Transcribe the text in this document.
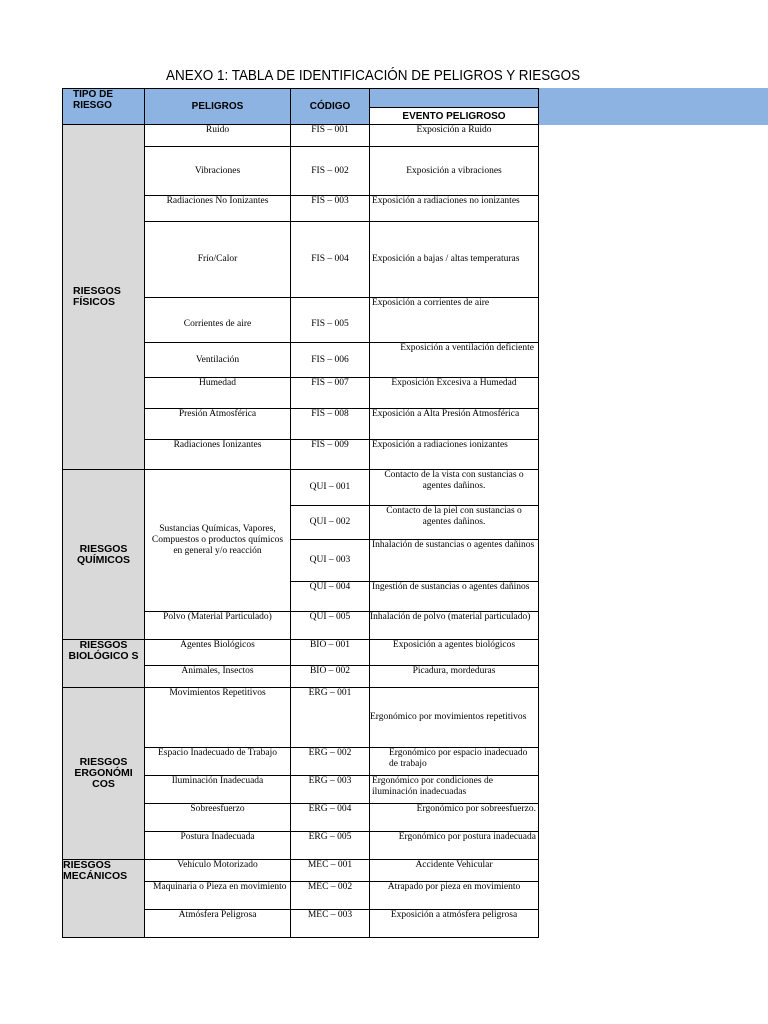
ANEXO 1: TABLA DE IDENTIFICACIÓN DE PELIGROS Y RIESGOS
TIPO DE RIESGO	PELIGROS	CÓDIGO	
			EVENTO PELIGROSO
RIESGOS FÍSICOS	Ruido	FIS – 001	Exposición a Ruido
	Vibraciones	FIS – 002	Exposición a vibraciones
	Radiaciones No Ionizantes	FIS – 003	Exposición a radiaciones no ionizantes
	Frío/Calor	FIS – 004	Exposición a bajas / altas temperaturas
	Corrientes de aire	FIS – 005	Exposición a corrientes de aire
	Ventilación	FIS – 006	Exposición a ventilación deficiente
	Humedad	FIS – 007	Exposición Excesiva a Humedad
	Presión Atmosférica	FIS – 008	Exposición a Alta Presión Atmosférica
	Radiaciones Ionizantes	FIS – 009	Exposición a radiaciones ionizantes
RIESGOS QUÍMICOS	Sustancias Químicas, Vapores, Compuestos o productos químicos en general y/o reacción	QUI – 001	Contacto de la vista con sustancias o agentes dañinos.
		QUI – 002	Contacto de la piel con sustancias o agentes dañinos.
		QUI – 003	Inhalación de sustancias o agentes dañinos
		QUI – 004	Ingestión de sustancias o agentes dañinos
	Polvo (Material Particulado)	QUI – 005	Inhalación de polvo (material particulado)
RIESGOS BIOLÓGICO S	Agentes Biológicos	BIO – 001	Exposición a agentes biológicos
	Animales, Insectos	BIO – 002	Picadura, mordeduras
RIESGOS ERGONÓMI COS	Movimientos Repetitivos	ERG – 001	Ergonómico por movimientos repetitivos
	Espacio Inadecuado de Trabajo	ERG – 002	Ergonómico por espacio inadecuado de trabajo
	Iluminación Inadecuada	ERG – 003	Ergonómico por condiciones de iluminación inadecuadas
	Sobreesfuerzo	ERG – 004	Ergonómico por sobreesfuerzo.
	Postura Inadecuada	ERG – 005	Ergonómico por postura inadecuada
RIESGOS MECÁNICOS	Vehículo Motorizado	MEC – 001	Accidente Vehicular
	Maquinaria o Pieza en movimiento	MEC – 002	Atrapado por pieza en movimiento
	Atmósfera Peligrosa	MEC – 003	Exposición a atmósfera peligrosa
